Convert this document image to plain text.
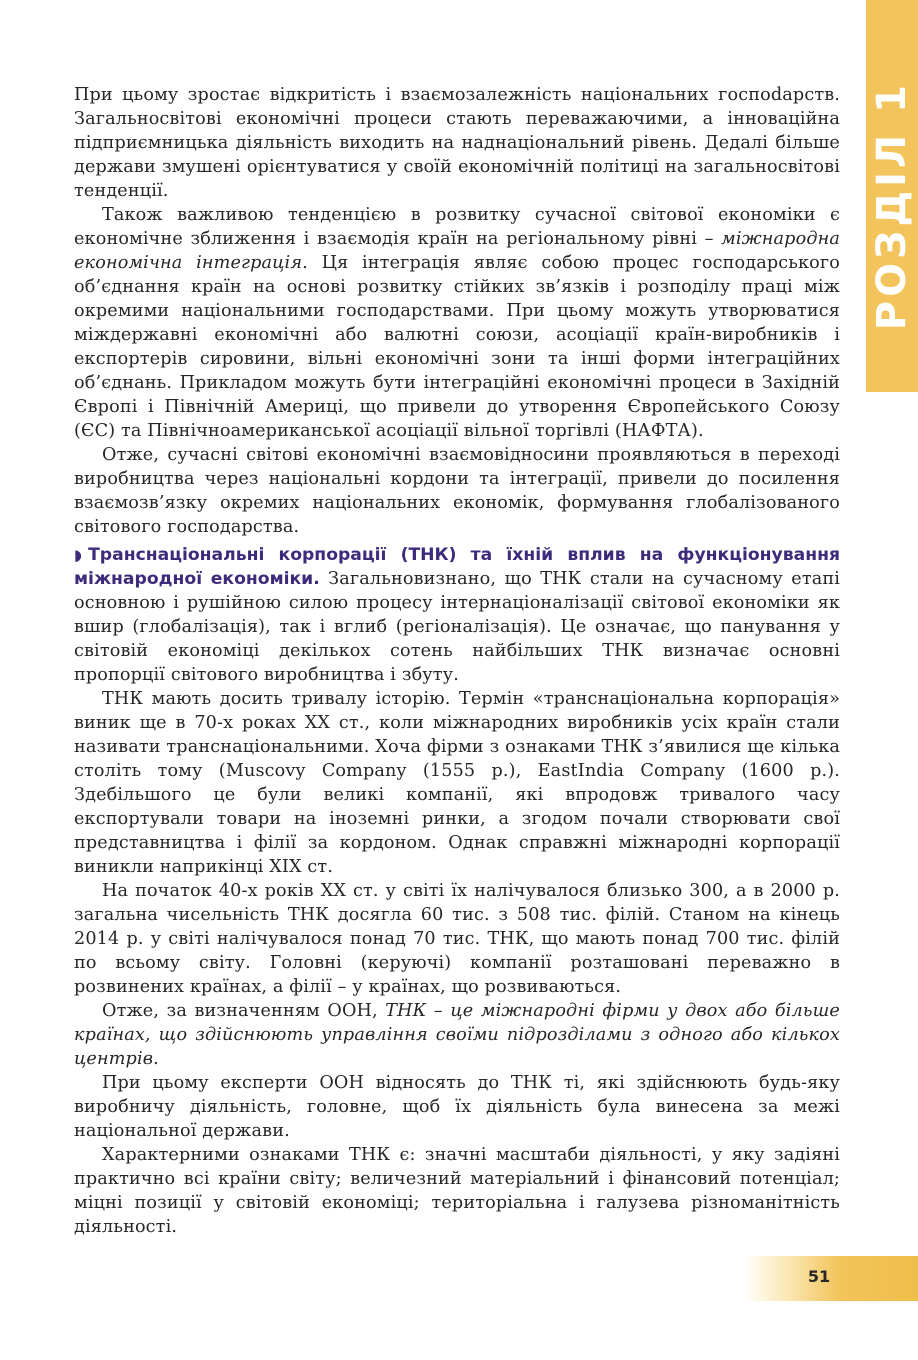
РОЗДІЛ 1

При цьому зростає відкритість і взаємозалежність національних госпоdарств. Загальносвітові економічні процеси стають переважаючими, а інноваційна підприємницька діяльність виходить на наднаціональний рівень. Дедалі більше держави змушені орієнтуватися у своїй економічній політиці на загальносвітові тенденції.

Також важливою тенденцією в розвитку сучасної світової економіки є економічне зближення і взаємодія країн на регіональному рівні – міжнародна економічна інтеграція. Ця інтеграція являє собою процес господарського об’єднання країн на основі розвитку стійких зв’язків і розподілу праці між окремими національними господарствами. При цьому можуть утворюватися міждержавні економічні або валютні союзи, асоціації країн-виробників і експортерів сировини, вільні економічні зони та інші форми інтеграційних об’єднань. Прикладом можуть бути інтеграційні економічні процеси в Західній Європі і Північній Америці, що привели до утворення Європейського Союзу (ЄС) та Північноамериканської асоціації вільної торгівлі (НАФТА).

Отже, сучасні світові економічні взаємовідносини проявляються в переході виробництва через національні кордони та інтеграції, привели до посилення взаємозв’язку окремих національних економік, формування глобалізованого світового господарства.

◗ Транснаціональні корпорації (ТНК) та їхній вплив на функціонування міжнародної економіки. Загальновизнано, що ТНК стали на сучасному етапі основною і рушійною силою процесу інтернаціоналізації світової економіки як вшир (глобалізація), так і вглиб (регіоналізація). Це означає, що панування у світовій економіці декількох сотень найбільших ТНК визначає основні пропорції світового виробництва і збуту.

ТНК мають досить тривалу історію. Термін «транснаціональна корпорація» виник ще в 70-х роках XX ст., коли міжнародних виробників усіх країн стали називати транснаціональними. Хоча фірми з ознаками ТНК з’явилися ще кілька століть тому (Muscovy Company (1555 р.), EastIndia Company (1600 р.). Здебільшого це були великі компанії, які впродовж тривалого часу експортували товари на іноземні ринки, а згодом почали створювати свої представництва і філії за кордоном. Однак справжні міжнародні корпорації виникли наприкінці XIX ст.

На початок 40-х років XX ст. у світі їх налічувалося близько 300, а в 2000 р. загальна чисельність ТНК досягла 60 тис. з 508 тис. філій. Станом на кінець 2014 р. у світі налічувалося понад 70 тис. ТНК, що мають понад 700 тис. філій по всьому світу. Головні (керуючі) компанії розташовані переважно в розвинених країнах, а філії – у країнах, що розвиваються.

Отже, за визначенням ООН, ТНК – це міжнародні фірми у двох або більше країнах, що здійснюють управління своїми підрозділами з одного або кількох центрів.

При цьому експерти ООН відносять до ТНК ті, які здійснюють будь-яку виробничу діяльність, головне, щоб їх діяльність була винесена за межі національної держави.

Характерними ознаками ТНК є: значні масштаби діяльності, у яку задіяні практично всі країни світу; величезний матеріальний і фінансовий потенціал; міцні позиції у світовій економіці; територіальна і галузева різноманітність діяльності.

51
